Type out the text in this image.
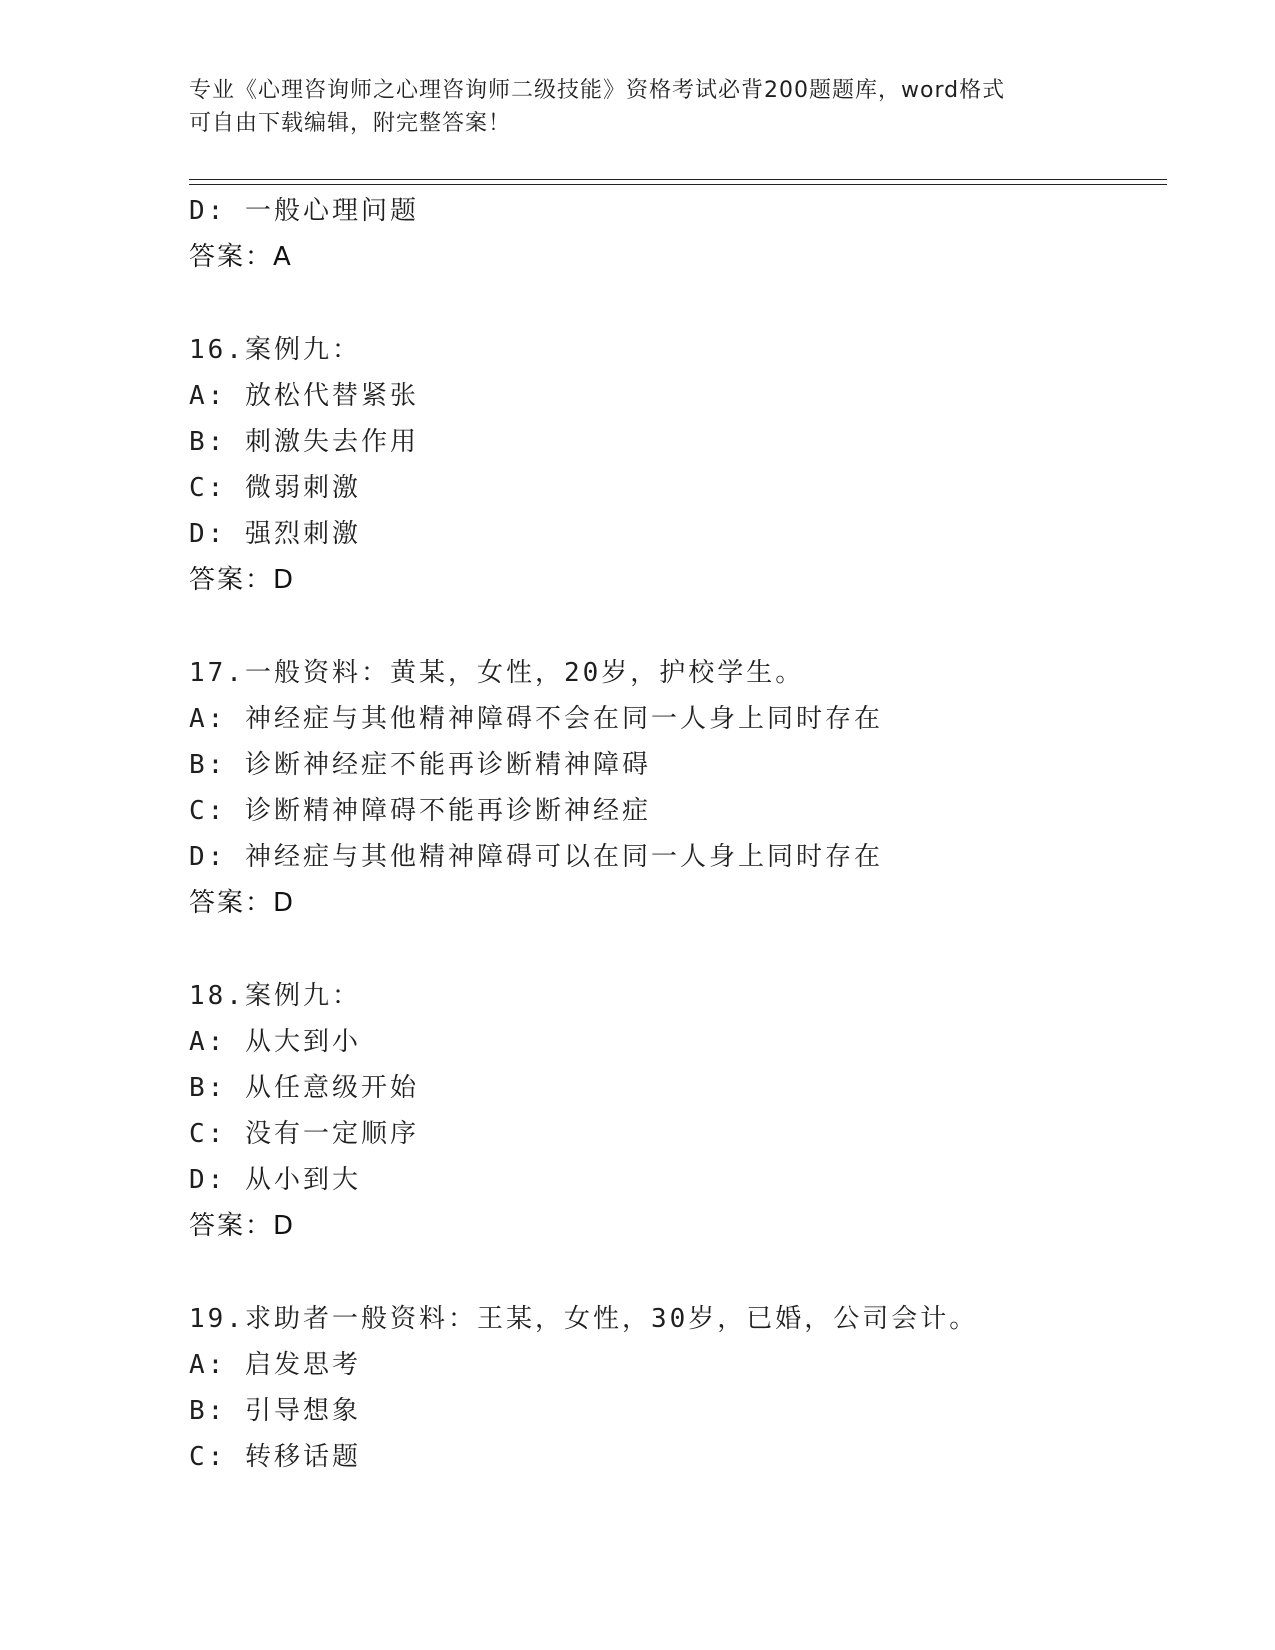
专业《心理咨询师之心理咨询师二级技能》资格考试必背200题题库，word格式
可自由下载编辑，附完整答案！
D: 一般心理问题
答案：A
16.案例九：
A: 放松代替紧张
B: 刺激失去作用
C: 微弱刺激
D: 强烈刺激
答案：D
17.一般资料：黄某，女性，20岁，护校学生。
A: 神经症与其他精神障碍不会在同一人身上同时存在
B: 诊断神经症不能再诊断精神障碍
C: 诊断精神障碍不能再诊断神经症
D: 神经症与其他精神障碍可以在同一人身上同时存在
答案：D
18.案例九：
A: 从大到小
B: 从任意级开始
C: 没有一定顺序
D: 从小到大
答案：D
19.求助者一般资料：王某，女性，30岁，已婚，公司会计。
A: 启发思考
B: 引导想象
C: 转移话题
